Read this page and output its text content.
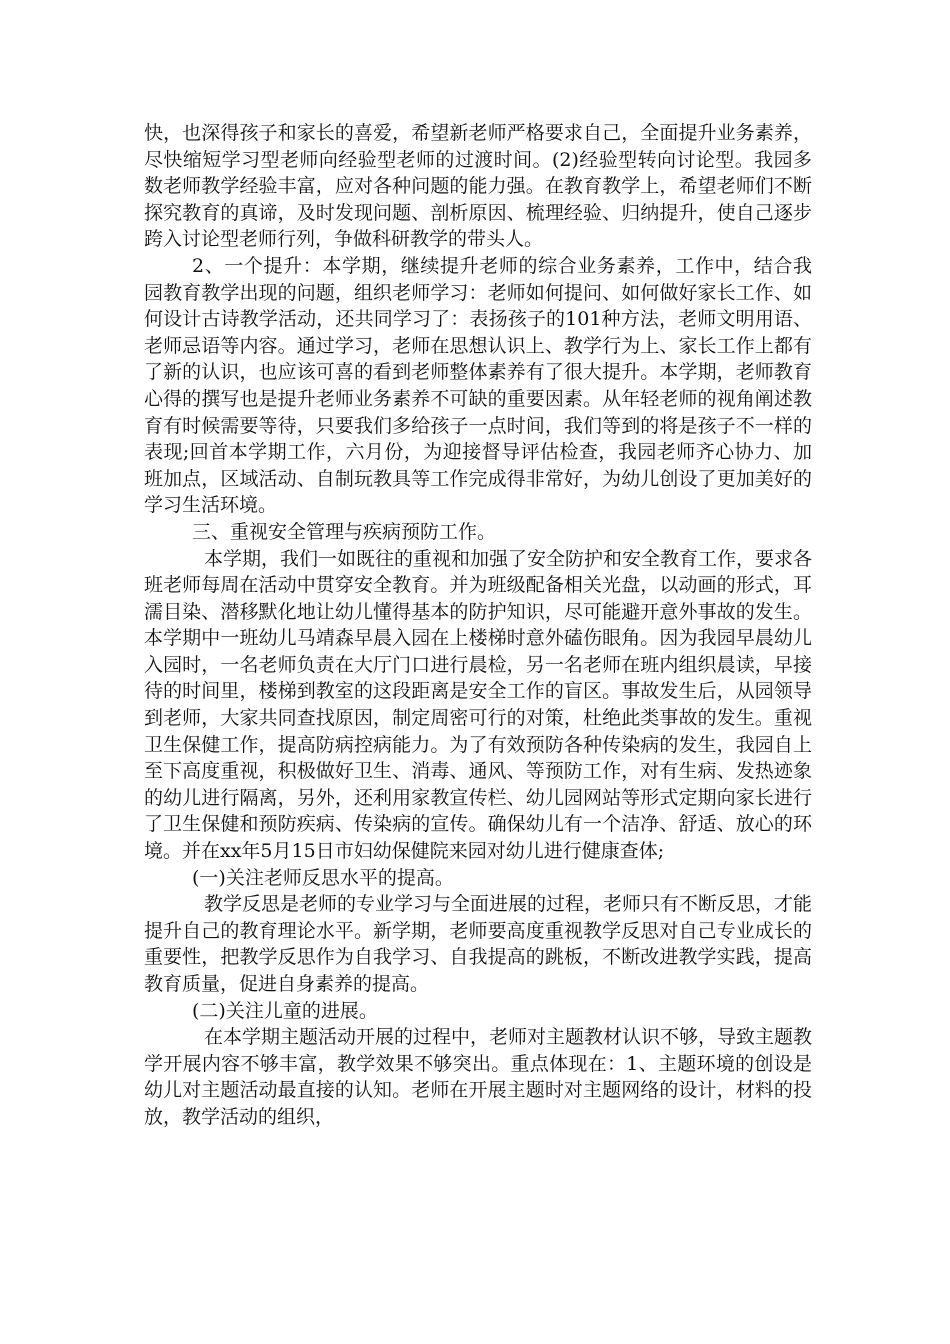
快，也深得孩子和家长的喜爱，希望新老师严格要求自己，全面提升业务素养，尽快缩短学习型老师向经验型老师的过渡时间。(2)经验型转向讨论型。我园多数老师教学经验丰富，应对各种问题的能力强。在教育教学上，希望老师们不断探究教育的真谛，及时发现问题、剖析原因、梳理经验、归纳提升，使自己逐步跨入讨论型老师行列，争做科研教学的带头人。

2、一个提升：本学期，继续提升老师的综合业务素养，工作中，结合我园教育教学出现的问题，组织老师学习：老师如何提问、如何做好家长工作、如何设计古诗教学活动，还共同学习了：表扬孩子的101种方法，老师文明用语、老师忌语等内容。通过学习，老师在思想认识上、教学行为上、家长工作上都有了新的认识，也应该可喜的看到老师整体素养有了很大提升。本学期，老师教育心得的撰写也是提升老师业务素养不可缺的重要因素。从年轻老师的视角阐述教育有时候需要等待，只要我们多给孩子一点时间，我们等到的将是孩子不一样的表现;回首本学期工作，六月份，为迎接督导评估检查，我园老师齐心协力、加班加点，区域活动、自制玩教具等工作完成得非常好，为幼儿创设了更加美好的学习生活环境。

三、重视安全管理与疾病预防工作。

本学期，我们一如既往的重视和加强了安全防护和安全教育工作，要求各班老师每周在活动中贯穿安全教育。并为班级配备相关光盘，以动画的形式，耳濡目染、潜移默化地让幼儿懂得基本的防护知识，尽可能避开意外事故的发生。本学期中一班幼儿马靖森早晨入园在上楼梯时意外磕伤眼角。因为我园早晨幼儿入园时，一名老师负责在大厅门口进行晨检，另一名老师在班内组织晨读，早接待的时间里，楼梯到教室的这段距离是安全工作的盲区。事故发生后，从园领导到老师，大家共同查找原因，制定周密可行的对策，杜绝此类事故的发生。重视卫生保健工作，提高防病控病能力。为了有效预防各种传染病的发生，我园自上至下高度重视，积极做好卫生、消毒、通风、等预防工作，对有生病、发热迹象的幼儿进行隔离，另外，还利用家教宣传栏、幼儿园网站等形式定期向家长进行了卫生保健和预防疾病、传染病的宣传。确保幼儿有一个洁净、舒适、放心的环境。并在xx年5月15日市妇幼保健院来园对幼儿进行健康查体;

(一)关注老师反思水平的提高。

教学反思是老师的专业学习与全面进展的过程，老师只有不断反思，才能提升自己的教育理论水平。新学期，老师要高度重视教学反思对自己专业成长的重要性，把教学反思作为自我学习、自我提高的跳板，不断改进教学实践，提高教育质量，促进自身素养的提高。

(二)关注儿童的进展。

在本学期主题活动开展的过程中，老师对主题教材认识不够，导致主题教学开展内容不够丰富，教学效果不够突出。重点体现在：1、主题环境的创设是幼儿对主题活动最直接的认知。老师在开展主题时对主题网络的设计，材料的投放，教学活动的组织，
